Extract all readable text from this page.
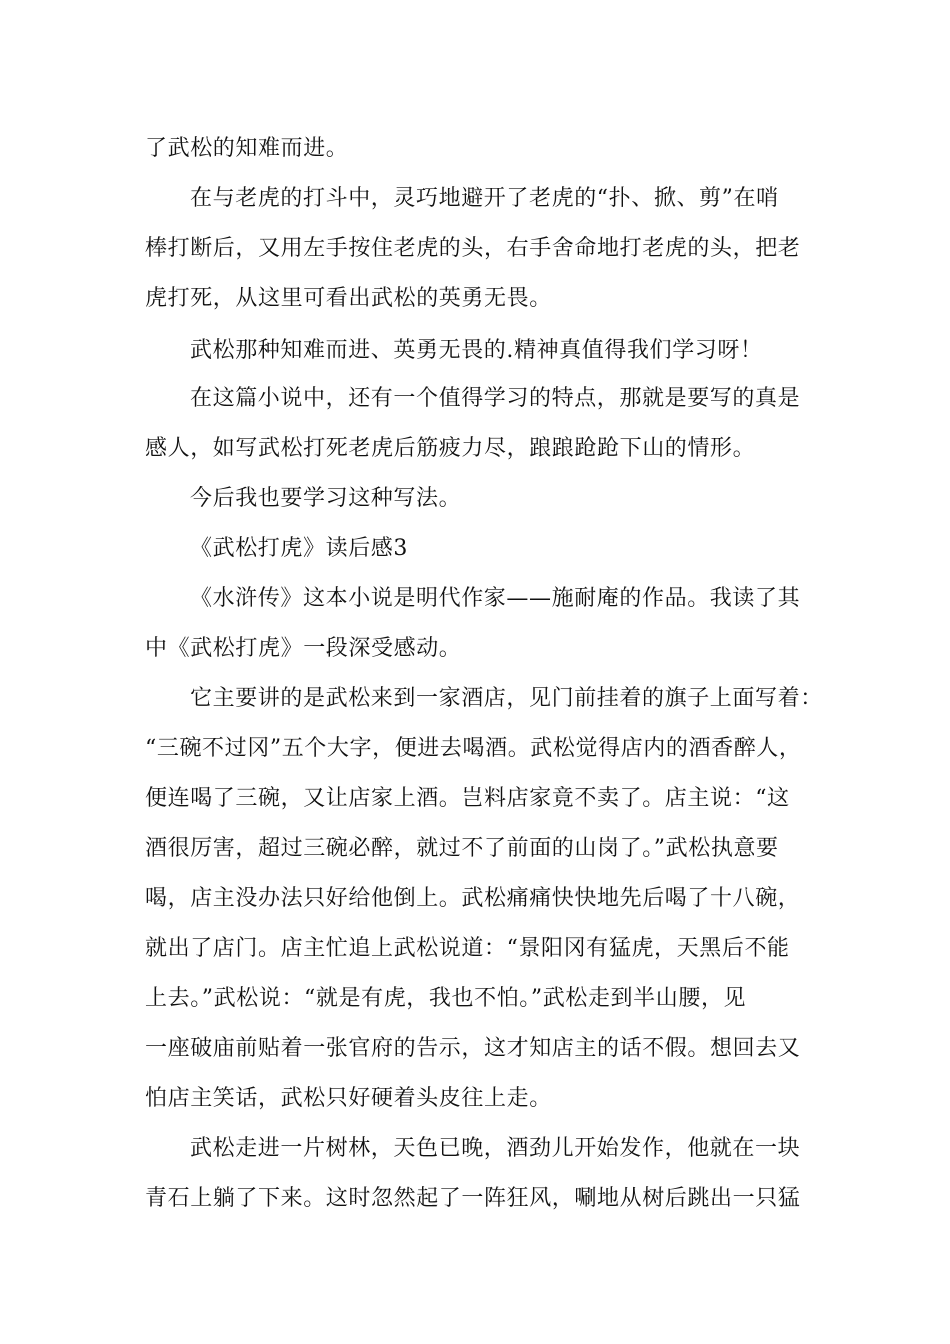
了武松的知难而进。
在与老虎的打斗中，灵巧地避开了老虎的“扑、掀、剪”在哨
棒打断后，又用左手按住老虎的头，右手舍命地打老虎的头，把老
虎打死，从这里可看出武松的英勇无畏。
武松那种知难而进、英勇无畏的.精神真值得我们学习呀！
在这篇小说中，还有一个值得学习的特点，那就是要写的真是
感人，如写武松打死老虎后筋疲力尽，踉踉跄跄下山的情形。
今后我也要学习这种写法。
《武松打虎》读后感3
《水浒传》这本小说是明代作家——施耐庵的作品。我读了其
中《武松打虎》一段深受感动。
它主要讲的是武松来到一家酒店，见门前挂着的旗子上面写着：
“三碗不过冈”五个大字，便进去喝酒。武松觉得店内的酒香醉人，
便连喝了三碗，又让店家上酒。岂料店家竟不卖了。店主说：“这
酒很厉害，超过三碗必醉，就过不了前面的山岗了。”武松执意要
喝，店主没办法只好给他倒上。武松痛痛快快地先后喝了十八碗，
就出了店门。店主忙追上武松说道：“景阳冈有猛虎，天黑后不能
上去。”武松说：“就是有虎，我也不怕。”武松走到半山腰，见
一座破庙前贴着一张官府的告示，这才知店主的话不假。想回去又
怕店主笑话，武松只好硬着头皮往上走。
武松走进一片树林，天色已晚，酒劲儿开始发作，他就在一块
青石上躺了下来。这时忽然起了一阵狂风，唰地从树后跳出一只猛
